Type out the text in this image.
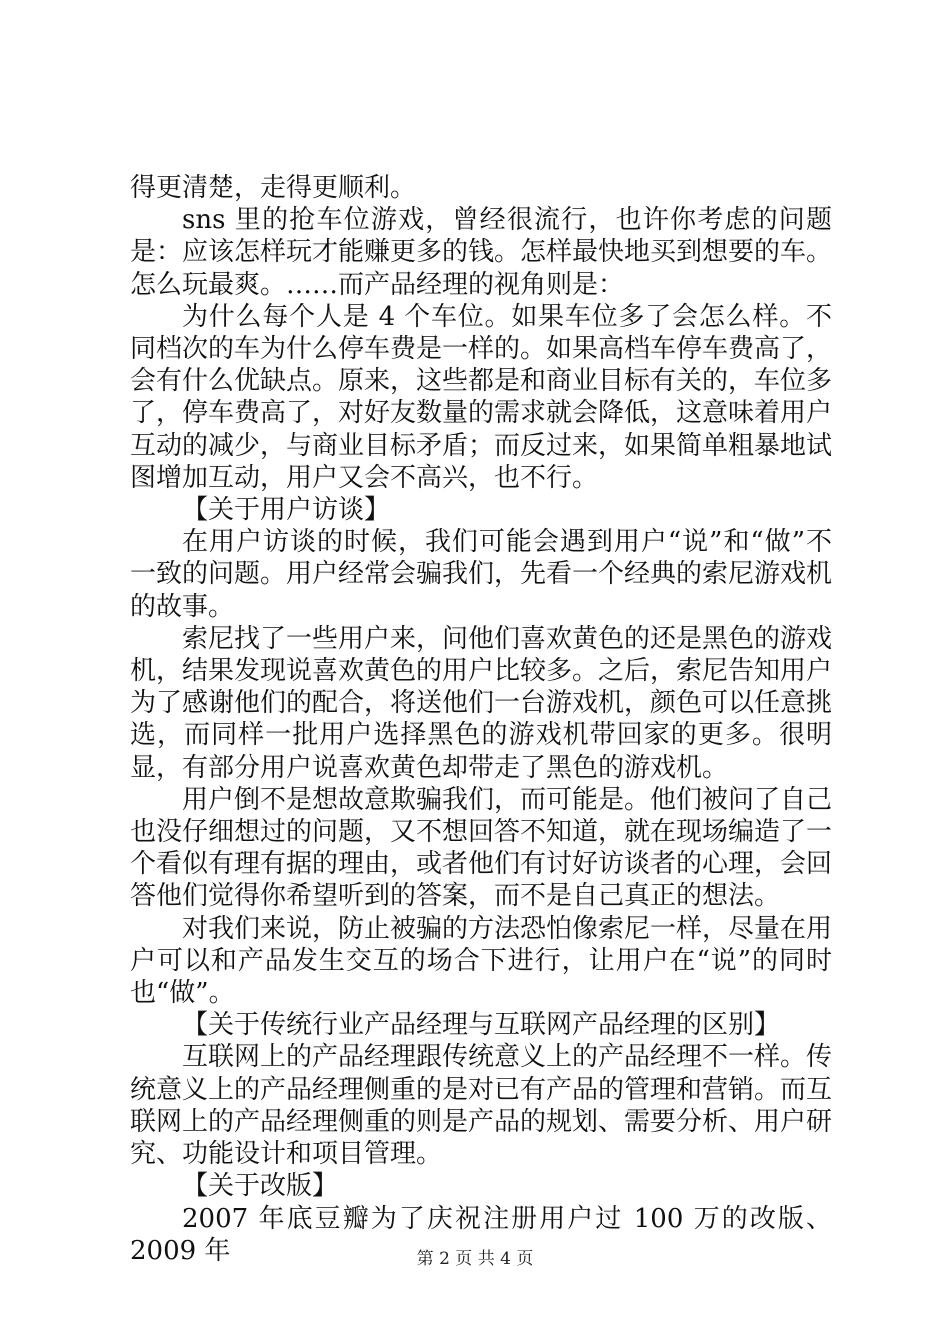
得更清楚，走得更顺利。

sns 里的抢车位游戏，曾经很流行，也许你考虑的问题是：应该怎样玩才能赚更多的钱。怎样最快地买到想要的车。怎么玩最爽。……而产品经理的视角则是：

为什么每个人是 4 个车位。如果车位多了会怎么样。不同档次的车为什么停车费是一样的。如果高档车停车费高了，会有什么优缺点。原来，这些都是和商业目标有关的，车位多了，停车费高了，对好友数量的需求就会降低，这意味着用户互动的减少，与商业目标矛盾；而反过来，如果简单粗暴地试图增加互动，用户又会不高兴，也不行。

【关于用户访谈】

在用户访谈的时候，我们可能会遇到用户“说”和“做”不一致的问题。用户经常会骗我们，先看一个经典的索尼游戏机的故事。

索尼找了一些用户来，问他们喜欢黄色的还是黑色的游戏机，结果发现说喜欢黄色的用户比较多。之后，索尼告知用户为了感谢他们的配合，将送他们一台游戏机，颜色可以任意挑选，而同样一批用户选择黑色的游戏机带回家的更多。很明显，有部分用户说喜欢黄色却带走了黑色的游戏机。

用户倒不是想故意欺骗我们，而可能是。他们被问了自己也没仔细想过的问题，又不想回答不知道，就在现场编造了一个看似有理有据的理由，或者他们有讨好访谈者的心理，会回答他们觉得你希望听到的答案，而不是自己真正的想法。

对我们来说，防止被骗的方法恐怕像索尼一样，尽量在用户可以和产品发生交互的场合下进行，让用户在“说”的同时也“做”。

【关于传统行业产品经理与互联网产品经理的区别】

互联网上的产品经理跟传统意义上的产品经理不一样。传统意义上的产品经理侧重的是对已有产品的管理和营销。而互联网上的产品经理侧重的则是产品的规划、需要分析、用户研究、功能设计和项目管理。

【关于改版】

2007 年底豆瓣为了庆祝注册用户过 100 万的改版、2009 年	第 2 页 共 4 页
